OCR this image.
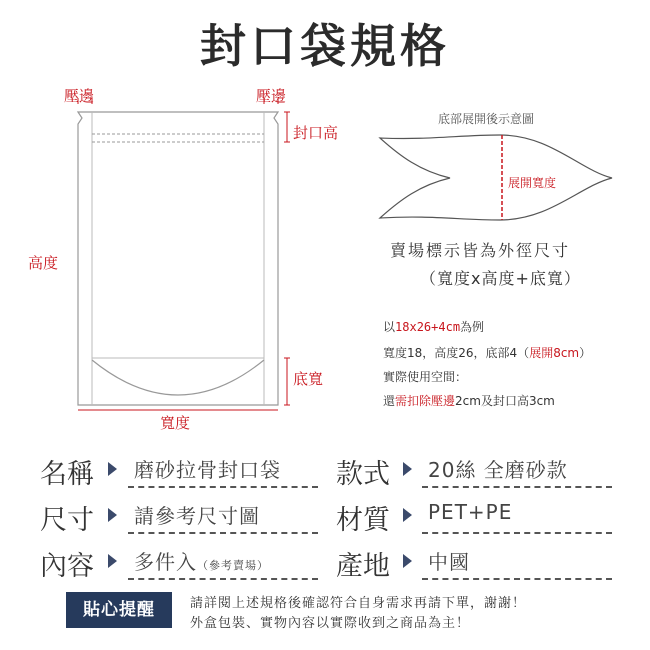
封口袋規格
壓邊	壓邊
封口高
高度
底寬
寬度
底部展開後示意圖
展開寬度
賣場標示皆為外徑尺寸
（寬度x高度+底寬）
以18x26+4cm為例
寬度18，高度26，底部4（展開8cm）
實際使用空間：
還需扣除壓邊2cm及封口高3cm
名稱 磨砂拉骨封口袋 款式 20絲 全磨砂款
尺寸 請參考尺寸圖	材質 PET+PE
內容 多件入（參考賣場） 產地 中國
貼心提醒	請詳閱上述規格後確認符合自身需求再請下單，謝謝！
外盒包裝、實物內容以實際收到之商品為主！
